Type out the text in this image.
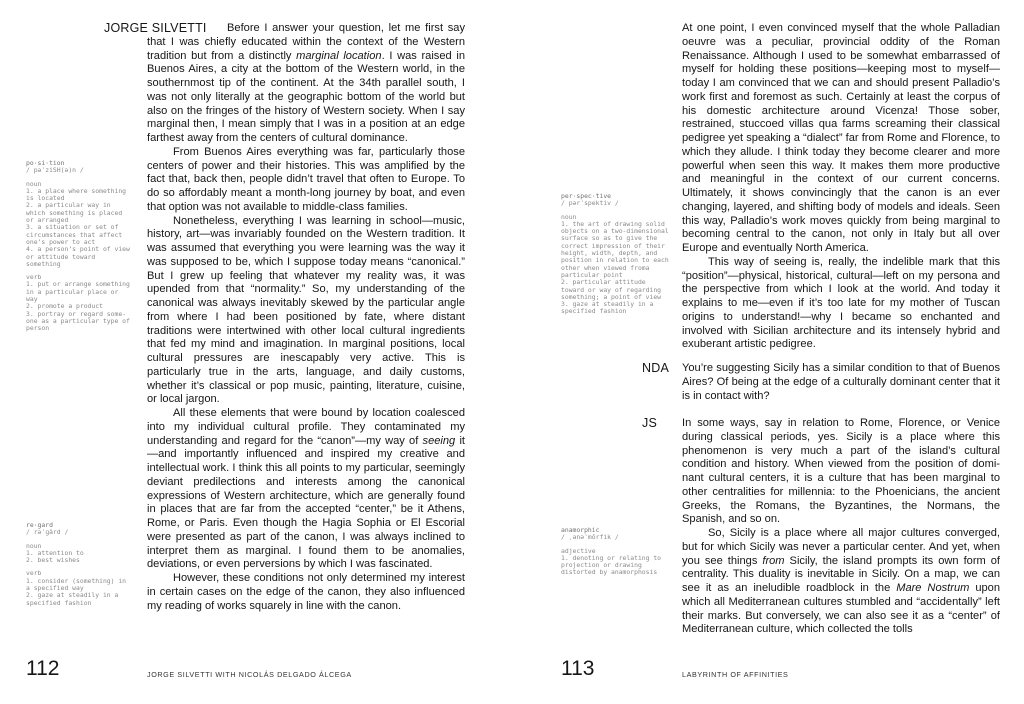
JORGE SILVETTI	Before I answer your question, let me first say that I was chiefly educated within the context of the Western tradition but from a distinctly marginal location. I was raised in Buenos Aires, a city at the bottom of the Western world, in the southernmost tip of the continent. At the 34th parallel south, I was not only literally at the geographic bottom of the world but also on the fringes of the history of Western society. When I say marginal then, I mean simply that I was in a position at an edge farthest away from the centers of cultural dominance.

From Buenos Aires everything was far, particularly those centers of power and their histories. This was amplified by the fact that, back then, people didn’t travel that often to Europe. To do so affordably meant a month-long journey by boat, and even that option was not available to middle-class families.

Nonetheless, everything I was learning in school—music, history, art—was invariably founded on the Western tradition. It was assumed that everything you were learning was the way it was supposed to be, which I suppose today means “canonical.” But I grew up feeling that whatever my reality was, it was upended from that “normality.” So, my understanding of the canonical was always inevitably skewed by the particular angle from where I had been positioned by fate, where distant traditions were intertwined with other local cultural ingredients that fed my mind and imagination. In marginal positions, local cultural pressures are inescapably very active. This is particularly true in the arts, language, and daily customs, whether it’s classical or pop music, painting, literature, cuisine, or local jargon.

All these elements that were bound by location coalesced into my individual cultural profile. They contaminated my understanding and regard for the “canon”—my way of seeing it—and importantly influenced and inspired my creative and intellectual work. I think this all points to my particular, seemingly deviant predilections and interests among the canonical expressions of Western architecture, which are generally found in places that are far from the accepted “center,” be it Athens, Rome, or Paris. Even though the Hagia Sophia or El Escorial were presented as part of the canon, I was always inclined to interpret them as marginal. I found them to be anomalies, deviations, or even perversions by which I was fascinated.

However, these conditions not only determined my interest in certain cases on the edge of the canon, they also influenced my reading of works squarely in line with the canon.

po·si·tion
/ pəˈziSH(ə)n /
noun
1. a place where something is located
2. a particular way in which something is placed or arranged
3. a situation or set of circumstances that affect one’s power to act
4. a person’s point of view or attitude toward something
verb
1. put or arrange something in a particular place or way
2. promote a product
3. portray or regard someone as a particular type of person
re·gard
/ rəˈɡärd /
noun
1. attention to
2. best wishes
verb
1. consider (something) in a specified way
2. gaze at steadily in a specified fashion
112	JORGE SILVETTI WITH NICOLÁS DELGADO ÁLCEGA

At one point, I even convinced myself that the whole Palladian oeuvre was a peculiar, provincial oddity of the Roman Renaissance. Although I used to be somewhat embarrassed of myself for holding these positions—keeping most to myself—today I am convinced that we can and should present Palladio’s work first and foremost as such. Certainly at least the corpus of his domestic architecture around Vicenza! Those sober, restrained, stuccoed villas qua farms screaming their classical pedigree yet speaking a “dialect” far from Rome and Florence, to which they allude. I think today they become clearer and more powerful when seen this way. It makes them more productive and meaningful in the context of our current concerns. Ultimately, it shows convincingly that the canon is an ever changing, layered, and shifting body of models and ideals. Seen this way, Palladio’s work moves quickly from being marginal to becoming central to the canon, not only in Italy but all over Europe and eventually North America.

This way of seeing is, really, the indelible mark that this “position”—physical, historical, cultural—left on my persona and the perspective from which I look at the world. And today it explains to me—even if it’s too late for my mother of Tuscan origins to understand!—why I became so enchanted and involved with Sicilian architecture and its intensely hybrid and exuberant artistic pedigree.

NDA You’re suggesting Sicily has a similar condition to that of Buenos Aires? Of being at the edge of a culturally dominant center that it is in contact with?
JS In some ways, say in relation to Rome, Florence, or Venice during classical periods, yes. Sicily is a place where this phenomenon is very much a part of the island’s cultural condition and history. When viewed from the position of dominant cultural centers, it is a culture that has been marginal to other centralities for millennia: to the Phoenicians, the ancient Greeks, the Romans, the Byzantines, the Normans, the Spanish, and so on.

So, Sicily is a place where all major cultures converged, but for which Sicily was never a particular center. And yet, when you see things from Sicily, the island prompts its own form of centrality. This duality is inevitable in Sicily. On a map, we can see it as an ineludible roadblock in the Mare Nostrum upon which all Mediterranean cultures stumbled and “accidentally” left their marks. But conversely, we can also see it as a “center” of Mediterranean culture, which collected the tolls

per·spec·tive
/ pərˈspektiv /
noun
1. the art of drawing solid objects on a two-dimensional surface so as to give the correct impression of their height, width, depth, and position in relation to each other when viewed froma particular point
2. particular attitude toward or way of regarding something; a point of view
3. gaze at steadily in a specified fashion
anamorphic
/ ˌanəˈmôrfik /
adjective
1. denoting or relating to projection or drawing distorted by anamorphosis
113	LABYRINTH OF AFFINITIES
